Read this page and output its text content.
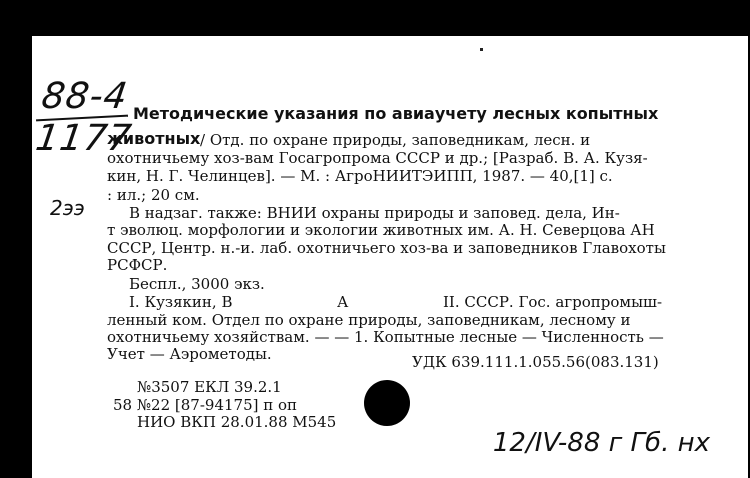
88-4
1177
2ээ
Методические указания по авиаучету лесных копытных
животных / Отд. по охране природы, заповедникам, лесн. и
охотничьему хоз-вам Госагропрома СССР и др.; [Разраб. В. А. Кузя-
кин, Н. Г. Челинцев]. — М. : АгроНИИТЭИПП, 1987. — 40,[1] с.
: ил.; 20 см.
В надзаг. также: ВНИИ охраны природы и заповед. дела, Ин-
т эволюц. морфологии и экологии животных им. А. Н. Северцова АН
СССР, Центр. н.-и. лаб. охотничьего хоз-ва и заповедников Главохоты
РСФСР.
Беспл., 3000 экз.
I. Кузякин, В	А	II. СССР. Гос. агропромыш-
ленный ком. Отдел по охране природы, заповедникам, лесному и
охотничьему хозяйствам. — — 1. Копытные лесные — Численность —
Учет — Аэрометоды.	УДК 639.111.1.055.56(083.131)
№3507 ЕКЛ 39.2.1
58 №22 [87-94175] п оп
НИО ВКП 28.01.88 М545
12/IV-88 г Гб. нх
